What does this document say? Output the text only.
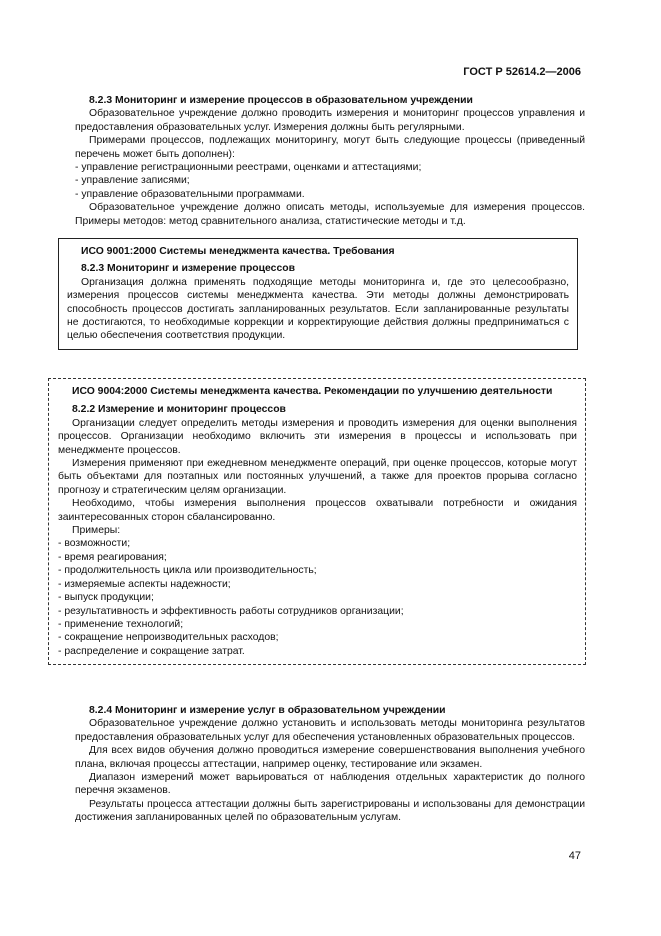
ГОСТ Р 52614.2—2006

8.2.3 Мониторинг и измерение процессов в образовательном учреждении

Образовательное учреждение должно проводить измерения и мониторинг процессов управления и предоставления образовательных услуг. Измерения должны быть регулярными.

Примерами процессов, подлежащих мониторингу, могут быть следующие процессы (приведенный перечень может быть дополнен):

- управление регистрационными реестрами, оценками и аттестациями;

- управление записями;

- управление образовательными программами.

Образовательное учреждение должно описать методы, используемые для измерения процессов. Примеры методов: метод сравнительного анализа, статистические методы и т.д.

ИСО 9001:2000 Системы менеджмента качества. Требования

8.2.3 Мониторинг и измерение процессов

Организация должна применять подходящие методы мониторинга и, где это целесообразно, измерения процессов системы менеджмента качества. Эти методы должны демонстрировать способность процессов достигать запланированных результатов. Если запланированные результаты не достигаются, то необходимые коррекции и корректирующие действия должны предприниматься с целью обеспечения соответствия продукции.

ИСО 9004:2000 Системы менеджмента качества. Рекомендации по улучшению деятельности

8.2.2 Измерение и мониторинг процессов

Организации следует определить методы измерения и проводить измерения для оценки выполнения процессов. Организации необходимо включить эти измерения в процессы и использовать при менеджменте процессов.

Измерения применяют при ежедневном менеджменте операций, при оценке процессов, которые могут быть объектами для поэтапных или постоянных улучшений, а также для проектов прорыва согласно прогнозу и стратегическим целям организации.

Необходимо, чтобы измерения выполнения процессов охватывали потребности и ожидания заинтересованных сторон сбалансированно.

Примеры:

- возможности;

- время реагирования;

- продолжительность цикла или производительность;

- измеряемые аспекты надежности;

- выпуск продукции;

- результативность и эффективность работы сотрудников организации;

- применение технологий;

- сокращение непроизводительных расходов;

- распределение и сокращение затрат.

8.2.4 Мониторинг и измерение услуг в образовательном учреждении

Образовательное учреждение должно установить и использовать методы мониторинга результатов предоставления образовательных услуг для обеспечения установленных образовательных процессов.

Для всех видов обучения должно проводиться измерение совершенствования выполнения учебного плана, включая процессы аттестации, например оценку, тестирование или экзамен.

Диапазон измерений может варьироваться от наблюдения отдельных характеристик до полного перечня экзаменов.

Результаты процесса аттестации должны быть зарегистрированы и использованы для демонстрации достижения запланированных целей по образовательным услугам.

47
